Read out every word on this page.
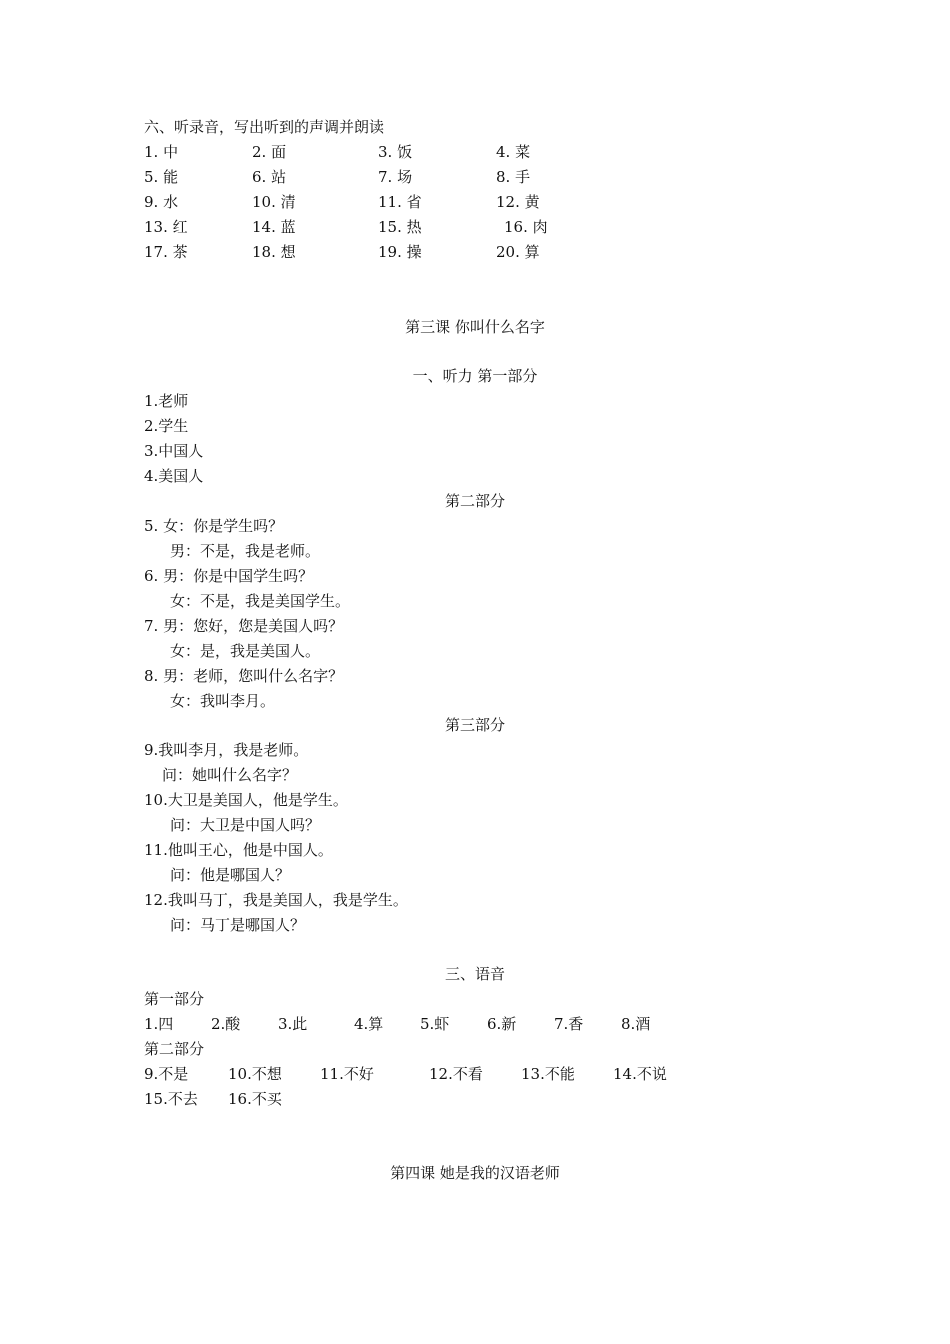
六、听录音，写出听到的声调并朗读
1. 中	2. 面	3. 饭	4. 菜
5. 能	6. 站	7. 场	8. 手
9. 水	10. 清	11. 省	12. 黄
13. 红	14. 蓝	15. 热	16. 肉
17. 茶	18. 想	19. 操	20. 算
第三课 你叫什么名字
一、听力 第一部分
1.老师
2.学生
3.中国人
4.美国人
第二部分
5. 女：你是学生吗？
男：不是，我是老师。
6. 男：你是中国学生吗？
女：不是，我是美国学生。
7. 男：您好，您是美国人吗？
女：是，我是美国人。
8. 男：老师，您叫什么名字？
女：我叫李月。
第三部分
9.我叫李月，我是老师。
问：她叫什么名字？
10.大卫是美国人，他是学生。
问：大卫是中国人吗？
11.他叫王心，他是中国人。
问：他是哪国人？
12.我叫马丁，我是美国人，我是学生。
问：马丁是哪国人？
三、语音
第一部分
1.四	2.酸	3.此	4.算 5.虾	6.新	7.香	8.酒
第二部分
9.不是	10.不想	11.不好	12.不看	13.不能	14.不说
15.不去 16.不买
第四课 她是我的汉语老师
